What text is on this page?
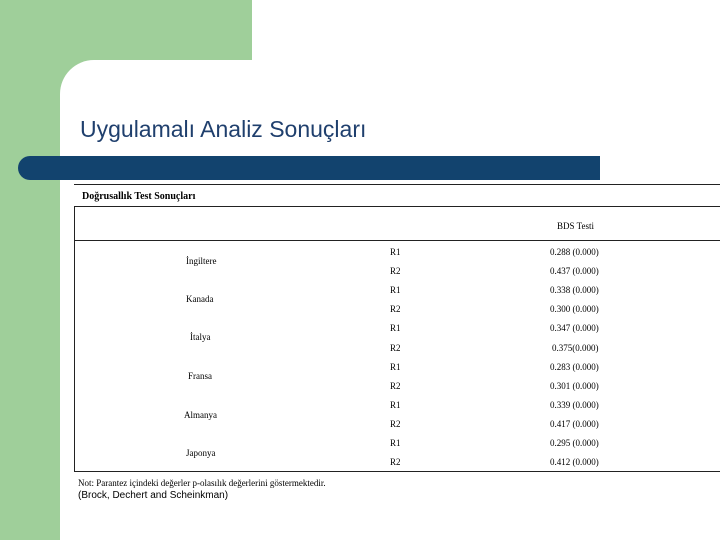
Uygulamalı Analiz Sonuçları
Doğrusallık Test Sonuçları
BDS Testi
İngiltere
R1	0.288 (0.000)
R2	0.437 (0.000)
Kanada
R1	0.338 (0.000)
R2	0.300 (0.000)
İtalya
R1	0.347 (0.000)
R2	0.375(0.000)
Fransa
R1	0.283 (0.000)
R2	0.301 (0.000)
Almanya
R1	0.339 (0.000)
R2	0.417 (0.000)
Japonya
R1	0.295 (0.000)
R2	0.412 (0.000)
Not: Parantez içindeki değerler p-olasılık değerlerini göstermektedir.
(Brock, Dechert and Scheinkman)
